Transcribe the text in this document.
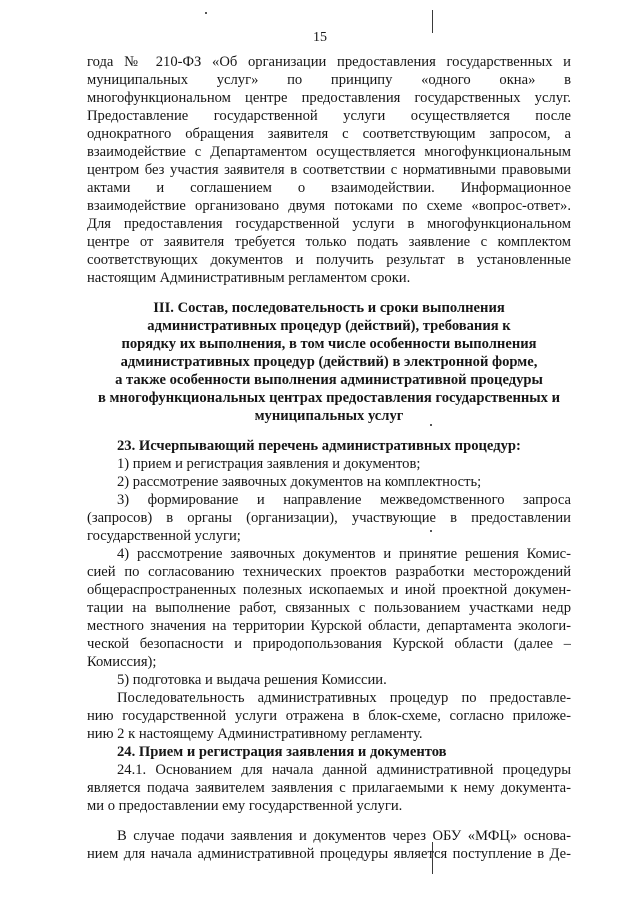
15

года № 210-ФЗ «Об организации предоставления государственных и

муниципальных услуг» по принципу «одного окна» в

многофункциональном центре предоставления государственных услуг.

Предоставление государственной услуги осуществляется после

однократного обращения заявителя с соответствующим запросом, а

взаимодействие с Департаментом осуществляется многофункциональным

центром без участия заявителя в соответствии с нормативными правовыми

актами и соглашением о взаимодействии. Информационное

взаимодействие организовано двумя потоками по схеме «вопрос-ответ».

Для предоставления государственной услуги в многофункциональном

центре от заявителя требуется только подать заявление с комплектом

соответствующих документов и получить результат в установленные

настоящим Административным регламентом сроки.

III. Состав, последовательность и сроки выполнения

административных процедур (действий), требования к

порядку их выполнения, в том числе особенности выполнения

административных процедур (действий) в электронной форме,

а также особенности выполнения административной процедуры

в многофункциональных центрах предоставления государственных и

муниципальных услуг

23. Исчерпывающий перечень административных процедур:

1) прием и регистрация заявления и документов;

2) рассмотрение заявочных документов на комплектность;

3) формирование и направление межведомственного запроса

(запросов) в органы (организации), участвующие в предоставлении

государственной услуги;

4) рассмотрение заявочных документов и принятие решения Комис-

сией по согласованию технических проектов разработки месторождений

общераспространенных полезных ископаемых и иной проектной докумен-

тации на выполнение работ, связанных с пользованием участками недр

местного значения на территории Курской области, департамента экологи-

ческой безопасности и природопользования Курской области (далее –

Комиссия);

5) подготовка и выдача решения Комиссии.

Последовательность административных процедур по предоставле-

нию государственной услуги отражена в блок-схеме, согласно приложе-

нию 2 к настоящему Административному регламенту.

24. Прием и регистрация заявления и документов

24.1. Основанием для начала данной административной процедуры

является подача заявителем заявления с прилагаемыми к нему документа-

ми о предоставлении ему государственной услуги.

В случае подачи заявления и документов через ОБУ «МФЦ» основа-

нием для начала административной процедуры является поступление в Де-
